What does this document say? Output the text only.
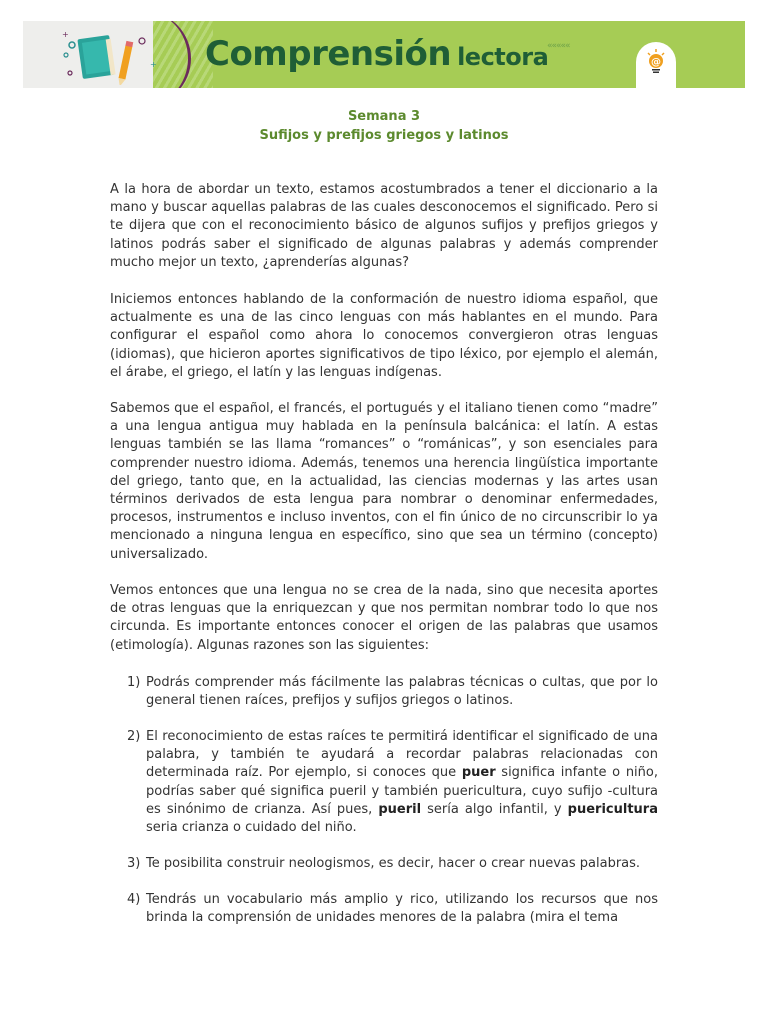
+
+ Comprensión lectora
«««««
@
Semana 3
Sufijos y prefijos griegos y latinos
A la hora de abordar un texto, estamos acostumbrados a tener el diccionario a la mano y buscar aquellas palabras de las cuales desconocemos el significado. Pero si te dijera que con el reconocimiento básico de algunos sufijos y prefijos griegos y latinos podrás saber el significado de algunas palabras y además comprender mucho mejor un texto, ¿aprenderías algunas?
Iniciemos entonces hablando de la conformación de nuestro idioma español, que actualmente es una de las cinco lenguas con más hablantes en el mundo. Para configurar el español como ahora lo conocemos convergieron otras lenguas (idiomas), que hicieron aportes significativos de tipo léxico, por ejemplo el alemán, el árabe, el griego, el latín y las lenguas indígenas.
Sabemos que el español, el francés, el portugués y el italiano tienen como “madre” a una lengua antigua muy hablada en la península balcánica: el latín. A estas lenguas también se las llama “romances” o “románicas”, y son esenciales para comprender nuestro idioma. Además, tenemos una herencia lingüística importante del griego, tanto que, en la actualidad, las ciencias modernas y las artes usan términos derivados de esta lengua para nombrar o denominar enfermedades, procesos, instrumentos e incluso inventos, con el fin único de no circunscribir lo ya mencionado a ninguna lengua en específico, sino que sea un término (concepto) universalizado.
Vemos entonces que una lengua no se crea de la nada, sino que necesita aportes de otras lenguas que la enriquezcan y que nos permitan nombrar todo lo que nos circunda. Es importante entonces conocer el origen de las palabras que usamos (etimología). Algunas razones son las siguientes:
1) Podrás comprender más fácilmente las palabras técnicas o cultas, que por lo general tienen raíces, prefijos y sufijos griegos o latinos.
2) El reconocimiento de estas raíces te permitirá identificar el significado de una palabra, y también te ayudará a recordar palabras relacionadas con determinada raíz. Por ejemplo, si conoces que puer significa infante o niño, podrías saber qué significa pueril y también puericultura, cuyo sufijo -cultura es sinónimo de crianza. Así pues, pueril sería algo infantil, y puericultura seria crianza o cuidado del niño.
3) Te posibilita construir neologismos, es decir, hacer o crear nuevas palabras.
4) Tendrás un vocabulario más amplio y rico, utilizando los recursos que nos brinda la comprensión de unidades menores de la palabra (mira el tema
